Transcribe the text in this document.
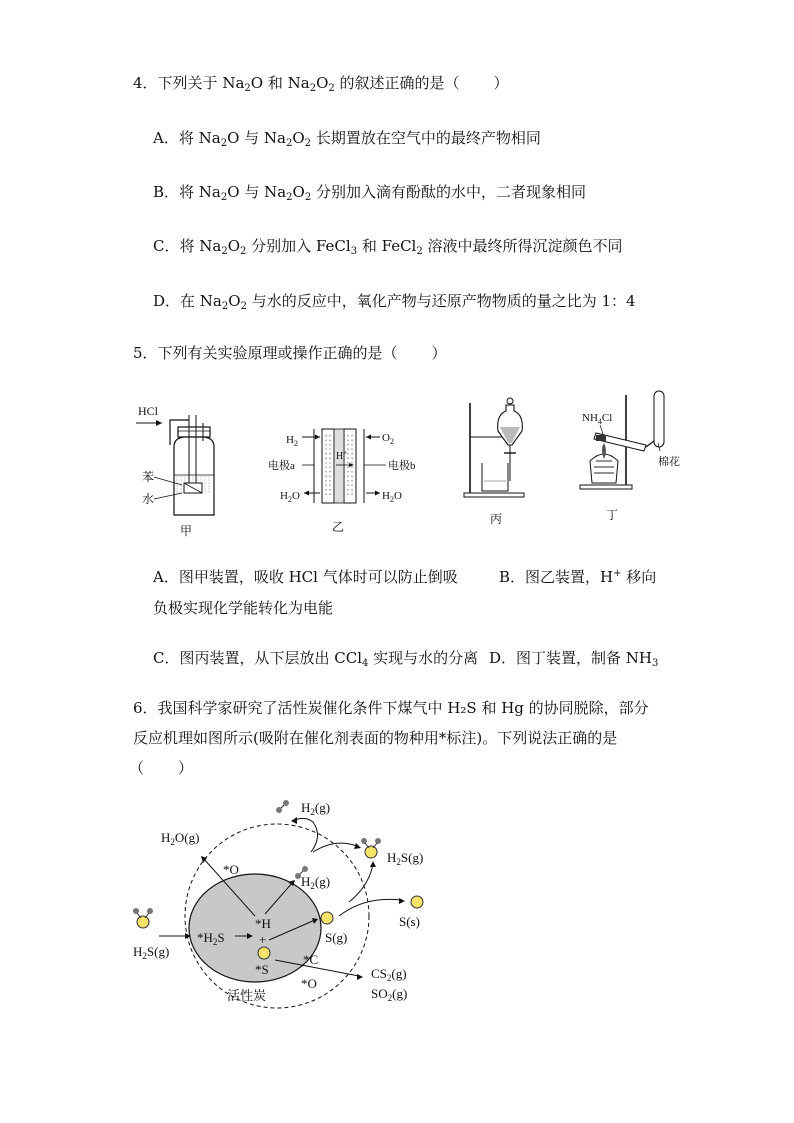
4．下列关于 $Na_2O$ 和 $Na_2O_2$ 的叙述正确的是（ ）
A．将 $Na_2O$ 与 $Na_2O_2$ 长期置放在空气中的最终产物相同
B．将 $Na_2O$ 与 $Na_2O_2$ 分别加入滴有酚酞的水中，二者现象相同
C．将 $Na_2O_2$ 分别加入 FeCl$_3$ 和 FeCl$_2$ 溶液中最终所得沉淀颜色不同
D．在 $Na_2O_2$ 与水的反应中，氧化产物与还原产物物质的量之比为 1：4
5．下列有关实验原理或操作正确的是（ ）
HCl
苯
水
甲
$H_2$	$O_2$
H+
电极a	电极b
$H_2O$	$H_2O$
乙
丙
$NH_4Cl$
棉花
丁
A．图甲装置，吸收 HCl 气体时可以防止倒吸	B．图乙装置，H+ 移向
负极实现化学能转化为电能
C．图丙装置，从下层放出 CCl$_4$ 实现与水的分离 D．图丁装置，制备 $NH_3$
6．我国科学家研究了活性炭催化条件下煤气中 H₂S 和 Hg 的协同脱除，部分
反应机理如图所示(吸附在催化剂表面的物种用*标注)。下列说法正确的是
（ ）
活性炭
$H_2S(g)$
$*H_2S$
*H
+
*S
*O
$H_2O(g)$
$H_2(g)$
$H_2(g)$
$H_2S(g)$
S(g)
S(s)
*C
*O
$CS_2(g)$
$SO_2(g)$
